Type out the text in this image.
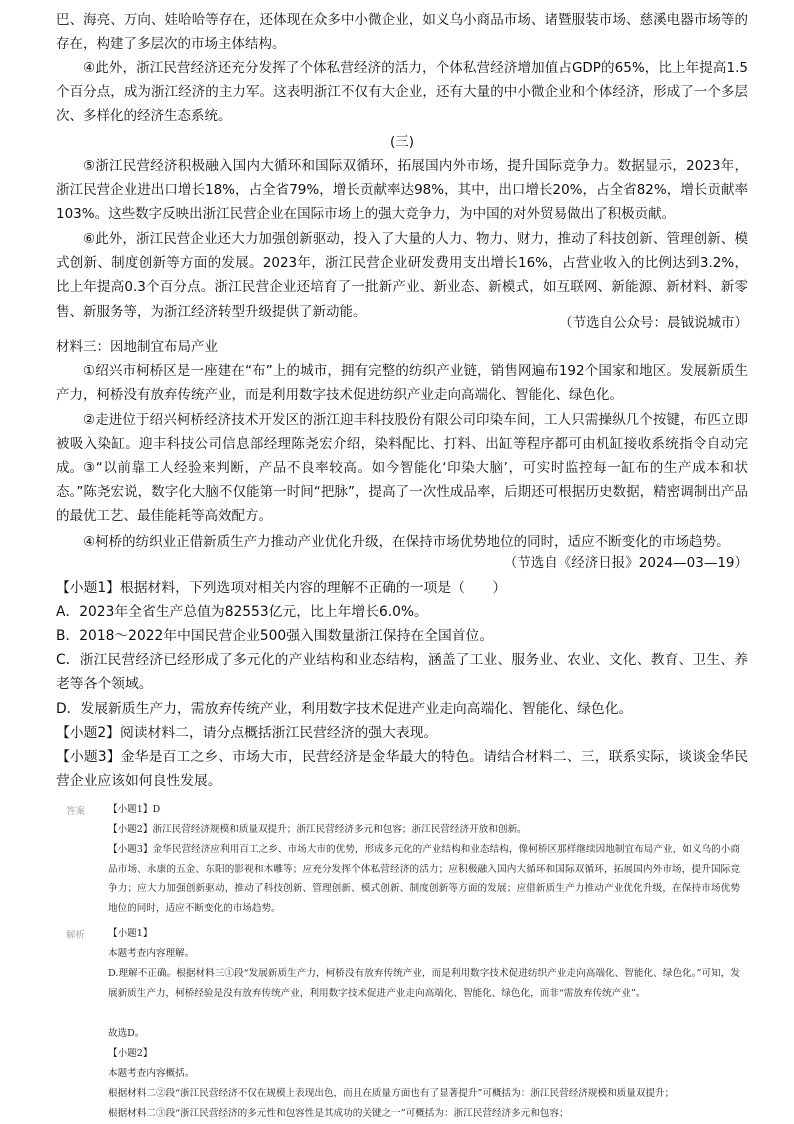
巴、海亮、万向、娃哈哈等存在，还体现在众多中小微企业，如义乌小商品市场、诸暨服装市场、慈溪电器市场等的存在，构建了多层次的市场主体结构。

④此外，浙江民营经济还充分发挥了个体私营经济的活力，个体私营经济增加值占GDP的65%，比上年提高1.5个百分点，成为浙江经济的主力军。这表明浙江不仅有大企业，还有大量的中小微企业和个体经济，形成了一个多层次、多样化的经济生态系统。

(三)

⑤浙江民营经济积极融入国内大循环和国际双循环，拓展国内外市场，提升国际竞争力。数据显示，2023年，浙江民营企业进出口增长18%，占全省79%，增长贡献率达98%，其中，出口增长20%，占全省82%，增长贡献率103%。这些数字反映出浙江民营企业在国际市场上的强大竞争力，为中国的对外贸易做出了积极贡献。

⑥此外，浙江民营企业还大力加强创新驱动，投入了大量的人力、物力、财力，推动了科技创新、管理创新、模式创新、制度创新等方面的发展。2023年，浙江民营企业研发费用支出增长16%，占营业收入的比例达到3.2%，比上年提高0.3个百分点。浙江民营企业还培育了一批新产业、新业态、新模式，如互联网、新能源、新材料、新零售、新服务等，为浙江经济转型升级提供了新动能。

（节选自公众号：晨钺说城市）

材料三：因地制宜布局产业

①绍兴市柯桥区是一座建在“布”上的城市，拥有完整的纺织产业链，销售网遍布192个国家和地区。发展新质生产力，柯桥没有放弃传统产业，而是利用数字技术促进纺织产业走向高端化、智能化、绿色化。

②走进位于绍兴柯桥经济技术开发区的浙江迎丰科技股份有限公司印染车间，工人只需操纵几个按键，布匹立即被吸入染缸。迎丰科技公司信息部经理陈尧宏介绍，染料配比、打料、出缸等程序都可由机缸接收系统指令自动完成。 ③“以前靠工人经验来判断，产品不良率较高。如今智能化‘印染大脑’，可实时监控每一缸布的生产成本和状态。”陈尧宏说，数字化大脑不仅能第一时间“把脉”，提高了一次性成品率，后期还可根据历史数据，精密调制出产品的最优工艺、最佳能耗等高效配方。

④柯桥的纺织业正借新质生产力推动产业优化升级，在保持市场优势地位的同时，适应不断变化的市场趋势。

（节选自《经济日报》2024—03—19）

【小题1】根据材料，下列选项对相关内容的理解不正确的一项是（　　）

A．2023年全省生产总值为82553亿元，比上年增长6.0%。

B．2018～2022年中国民营企业500强入围数量浙江保持在全国首位。

C．浙江民营经济已经形成了多元化的产业结构和业态结构，涵盖了工业、服务业、农业、文化、教育、卫生、养老等各个领域。

D．发展新质生产力，需放弃传统产业，利用数字技术促进产业走向高端化、智能化、绿色化。

【小题2】阅读材料二，请分点概括浙江民营经济的强大表现。

【小题3】金华是百工之乡、市场大市，民营经济是金华最大的特色。请结合材料二、三，联系实际，谈谈金华民营企业应该如何良性发展。

答案 【小题1】D

【小题2】浙江民营经济规模和质量双提升；浙江民营经济多元和包容；浙江民营经济开放和创新。

【小题3】金华民营经济应利用百工之乡、市场大市的优势，形成多元化的产业结构和业态结构，像柯桥区那样继续因地制宜布局产业，如义乌的小商品市场、永康的五金、东阳的影视和木雕等；应充分发挥个体私营经济的活力；应积极融入国内大循环和国际双循环，拓展国内外市场，提升国际竞争力；应大力加强创新驱动，推动了科技创新、管理创新、模式创新、制度创新等方面的发展；应借新质生产力推动产业优化升级，在保持市场优势地位的同时，适应不断变化的市场趋势。

解析 【小题1】

本题考查内容理解。

D.理解不正确。根据材料三①段“发展新质生产力，柯桥没有放弃传统产业，而是利用数字技术促进纺织产业走向高端化、智能化、绿色化。”可知，发展新质生产力，柯桥经验是没有放弃传统产业，利用数字技术促进产业走向高端化、智能化、绿色化，而非“需放弃传统产业”。

故选D。

【小题2】

本题考查内容概括。

根据材料二②段“浙江民营经济不仅在规模上表现出色，而且在质量方面也有了显著提升”可概括为：浙江民营经济规模和质量双提升；

根据材料二③段“浙江民营经济的多元性和包容性是其成功的关键之一”可概括为：浙江民营经济多元和包容；
